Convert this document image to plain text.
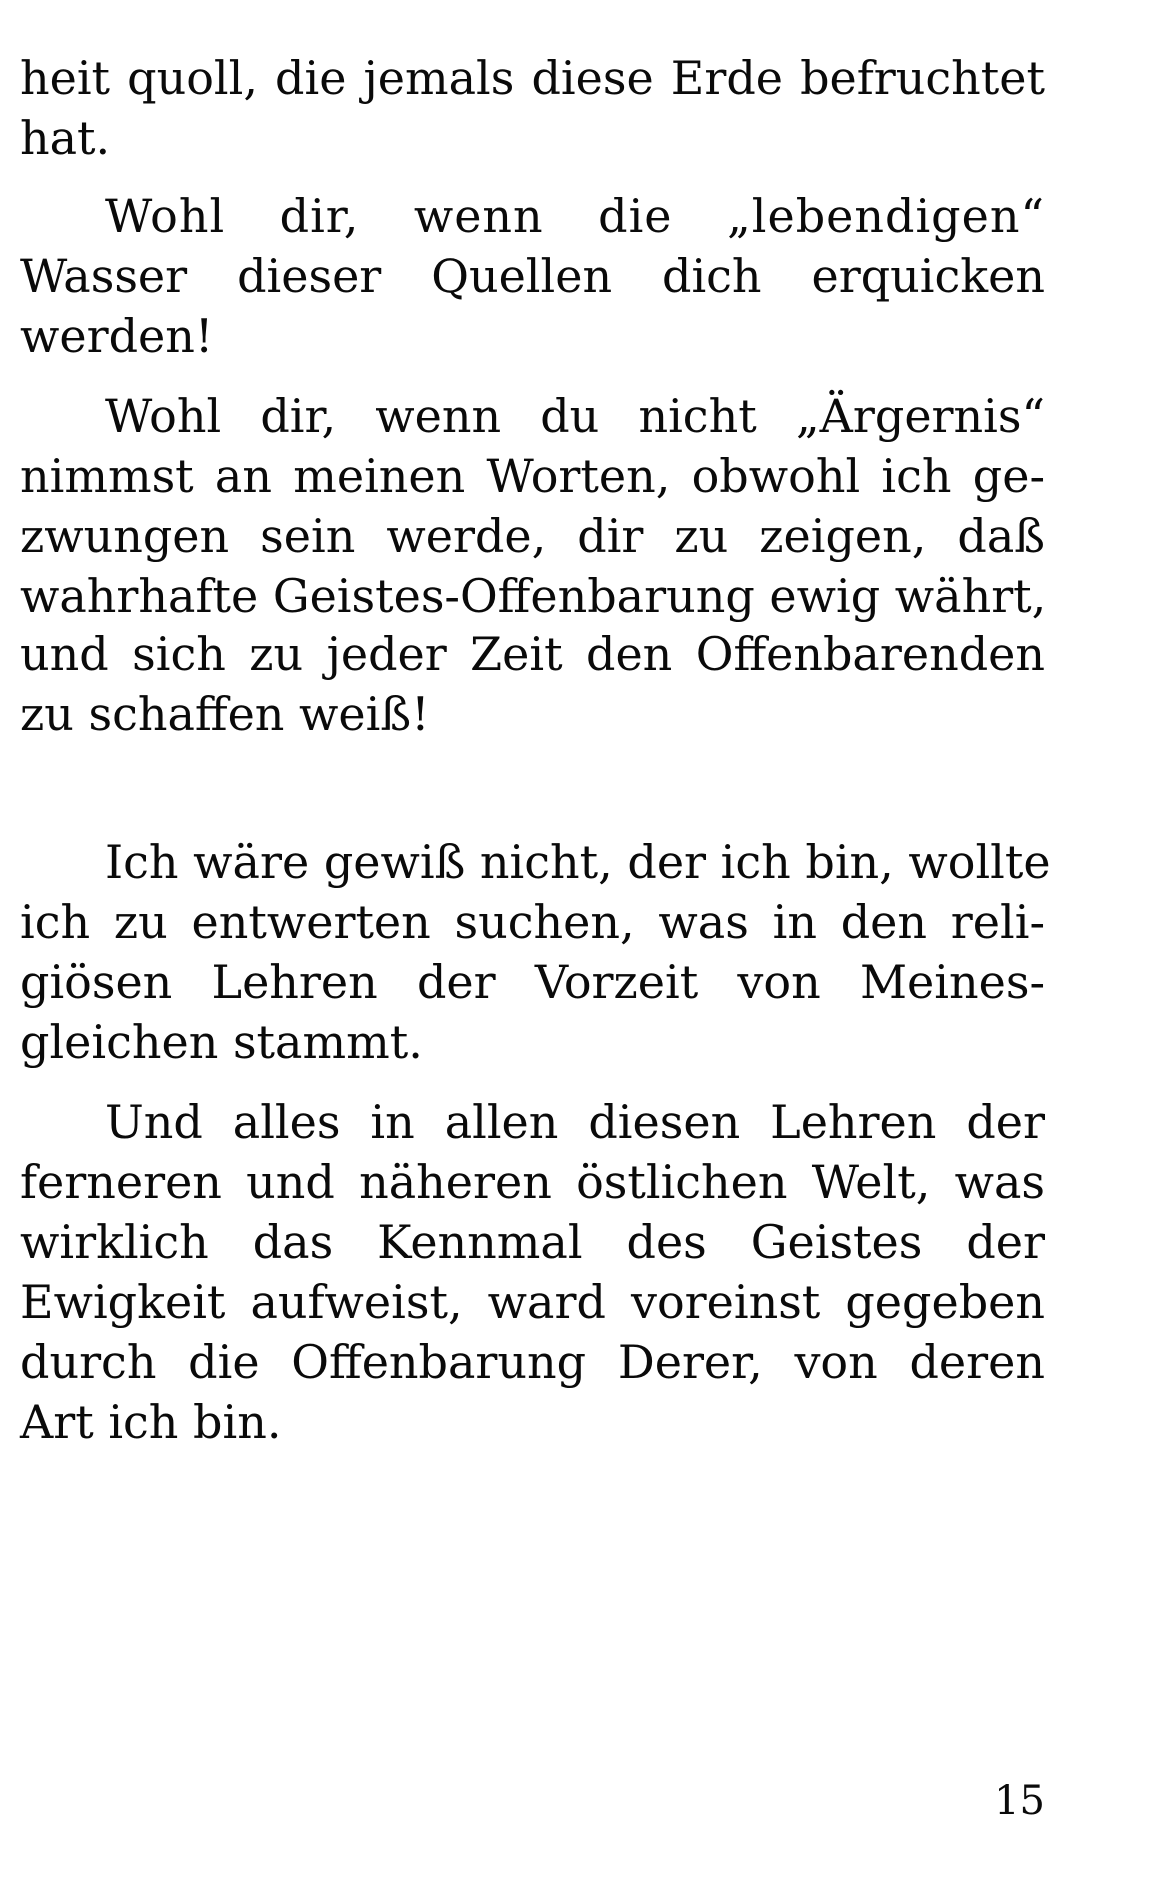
heit quoll, die jemals diese Erde befruchtet
hat.
Wohl dir, wenn die „lebendigen“
Wasser dieser Quellen dich erquicken
werden!
Wohl dir, wenn du nicht „Ärgernis“
nimmst an meinen Worten, obwohl ich ge-
zwungen sein werde, dir zu zeigen, daß
wahrhafte Geistes-Offenbarung ewig währt,
und sich zu jeder Zeit den Offenbarenden
zu schaffen weiß!
Ich wäre gewiß nicht, der ich bin, wollte
ich zu entwerten suchen, was in den reli-
giösen Lehren der Vorzeit von Meines-
gleichen stammt.
Und alles in allen diesen Lehren der
ferneren und näheren östlichen Welt, was
wirklich das Kennmal des Geistes der
Ewigkeit aufweist, ward voreinst gegeben
durch die Offenbarung Derer, von deren
Art ich bin.
15
